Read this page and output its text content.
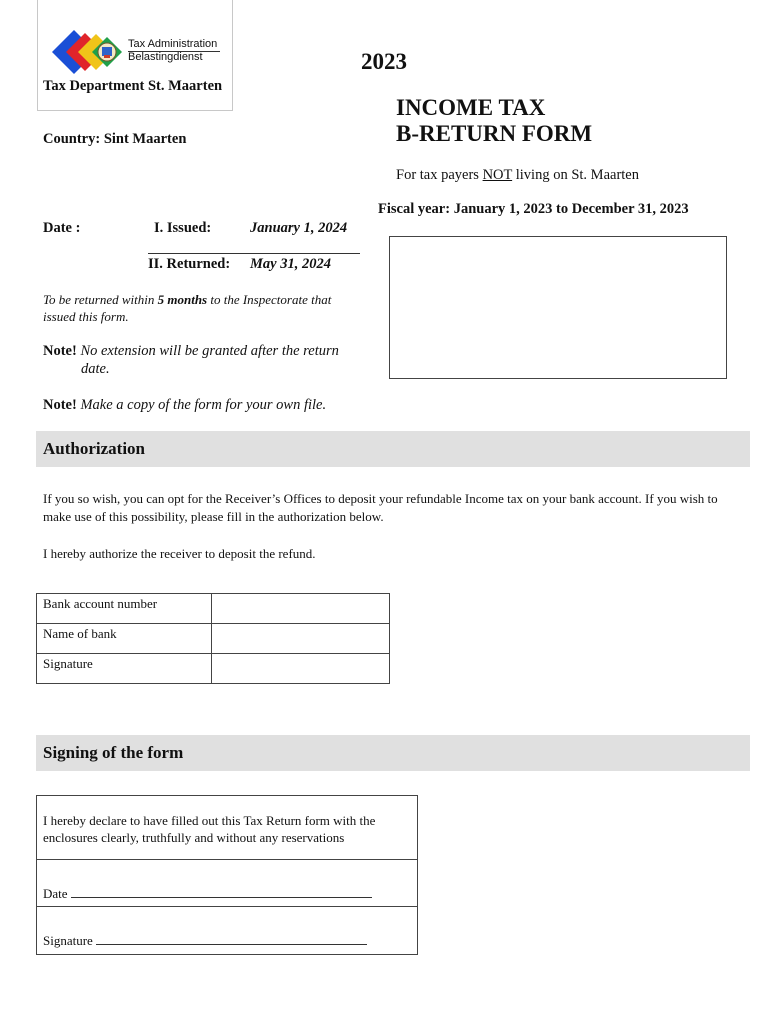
Tax Administration
Belastingdienst
Tax Department St. Maarten
Country: Sint Maarten
2023
INCOME TAX
B-RETURN FORM
For tax payers NOT living on St. Maarten
Fiscal year: January 1, 2023 to December 31, 2023
Date :	I. Issued:	January 1, 2024
II. Returned: May 31, 2024
To be returned within 5 months to the Inspectorate that issued this form.
Note! No extension will be granted after the return
date.
Note! Make a copy of the form for your own file.
Authorization
If you so wish, you can opt for the Receiver’s Offices to deposit your refundable Income tax on your bank account. If you wish to make use of this possibility, please fill in the authorization below.
I hereby authorize the receiver to deposit the refund.
Bank account number	
Name of bank	
Signature	
Signing of the form
I hereby declare to have filled out this Tax Return form with the enclosures clearly, truthfully and without any reservations
Date
Signature
